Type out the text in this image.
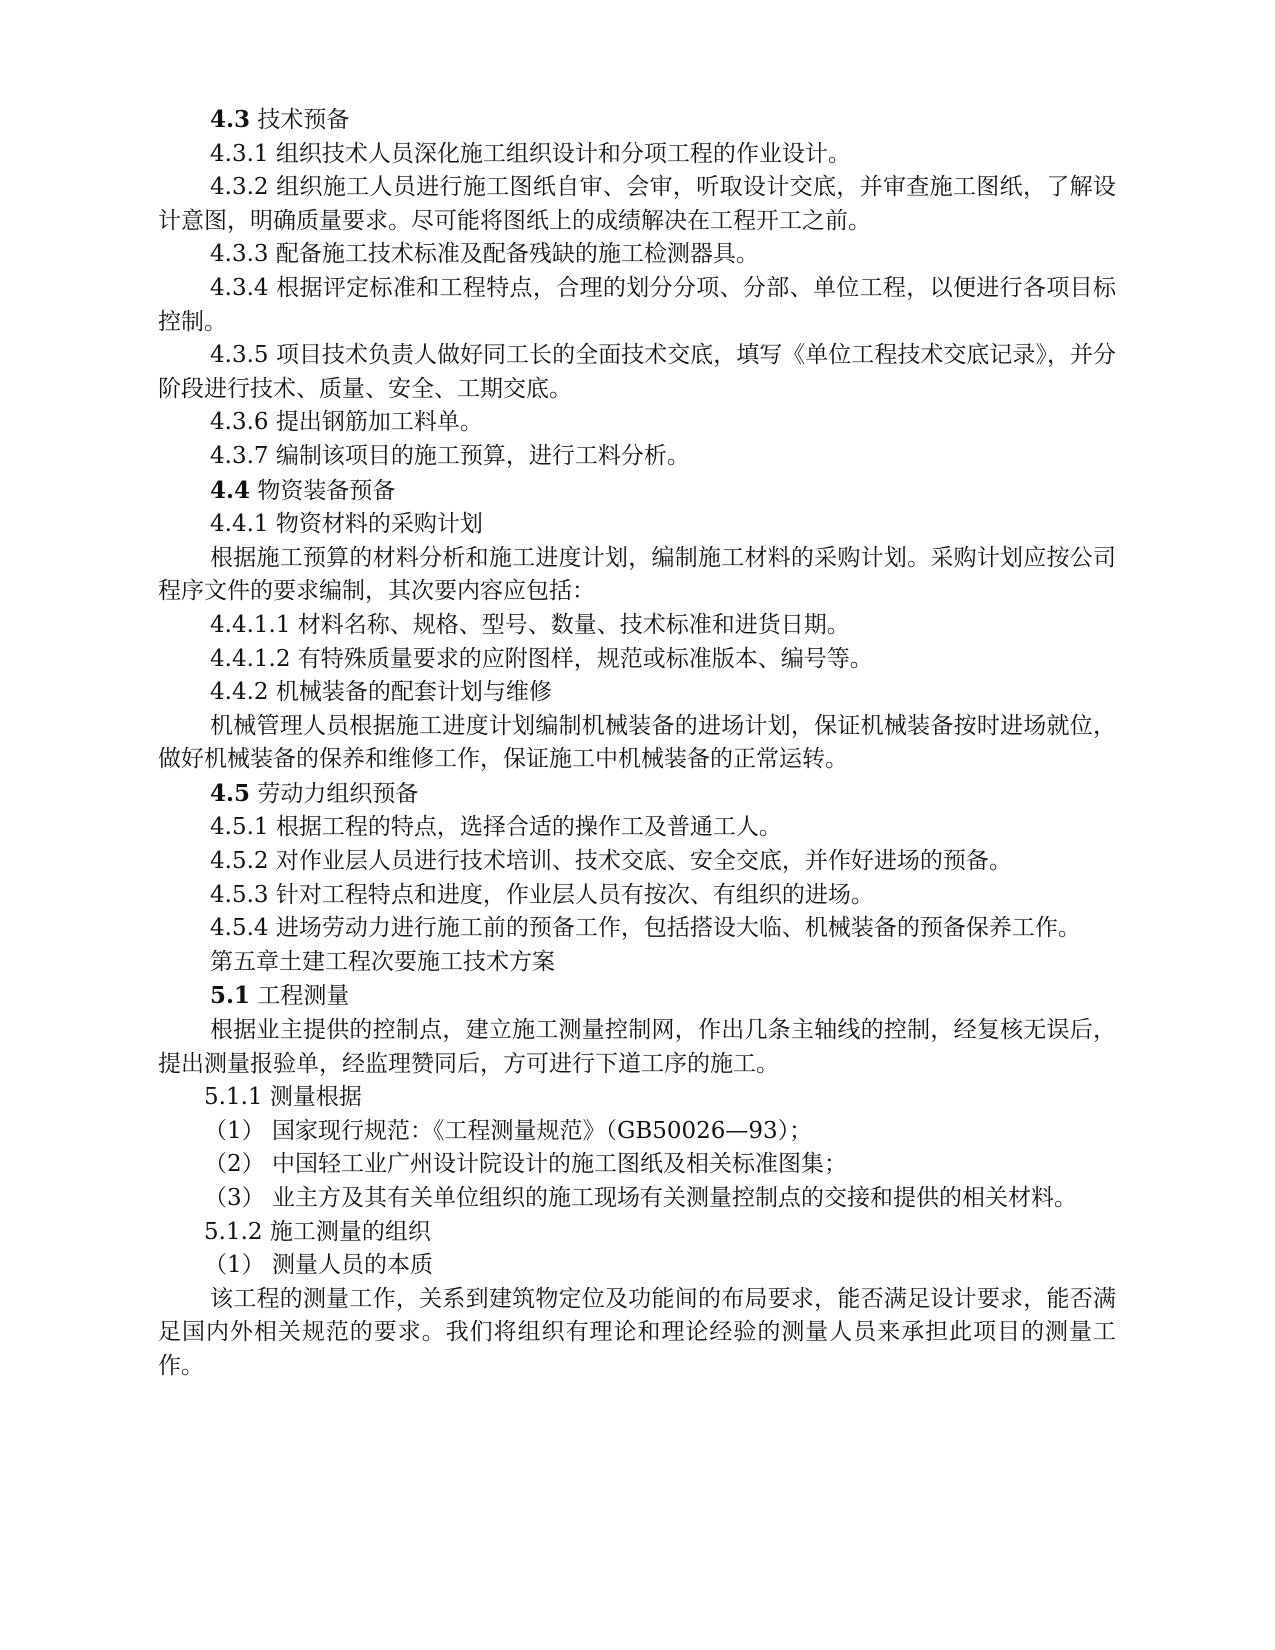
4.3 技术预备

4.3.1 组织技术人员深化施工组织设计和分项工程的作业设计。

4.3.2 组织施工人员进行施工图纸自审、会审，听取设计交底，并审查施工图纸，了解设计意图，明确质量要求。尽可能将图纸上的成绩解决在工程开工之前。

4.3.3 配备施工技术标准及配备残缺的施工检测器具。

4.3.4 根据评定标准和工程特点，合理的划分分项、分部、单位工程，以便进行各项目标控制。

4.3.5 项目技术负责人做好同工长的全面技术交底，填写《单位工程技术交底记录》，并分阶段进行技术、质量、安全、工期交底。

4.3.6 提出钢筋加工料单。

4.3.7 编制该项目的施工预算，进行工料分析。

4.4 物资装备预备

4.4.1 物资材料的采购计划

根据施工预算的材料分析和施工进度计划，编制施工材料的采购计划。采购计划应按公司程序文件的要求编制，其次要内容应包括：

4.4.1.1 材料名称、规格、型号、数量、技术标准和进货日期。

4.4.1.2 有特殊质量要求的应附图样，规范或标准版本、编号等。

4.4.2 机械装备的配套计划与维修

机械管理人员根据施工进度计划编制机械装备的进场计划，保证机械装备按时进场就位，做好机械装备的保养和维修工作，保证施工中机械装备的正常运转。

4.5 劳动力组织预备

4.5.1 根据工程的特点，选择合适的操作工及普通工人。

4.5.2 对作业层人员进行技术培训、技术交底、安全交底，并作好进场的预备。

4.5.3 针对工程特点和进度，作业层人员有按次、有组织的进场。

4.5.4 进场劳动力进行施工前的预备工作，包括搭设大临、机械装备的预备保养工作。

第五章土建工程次要施工技术方案

5.1 工程测量

根据业主提供的控制点，建立施工测量控制网，作出几条主轴线的控制，经复核无误后，提出测量报验单，经监理赞同后，方可进行下道工序的施工。

5.1.1 测量根据

（1） 国家现行规范：《工程测量规范》（GB50026—93）；

（2） 中国轻工业广州设计院设计的施工图纸及相关标准图集；

（3） 业主方及其有关单位组织的施工现场有关测量控制点的交接和提供的相关材料。

5.1.2 施工测量的组织

（1） 测量人员的本质

该工程的测量工作，关系到建筑物定位及功能间的布局要求，能否满足设计要求，能否满足国内外相关规范的要求。我们将组织有理论和理论经验的测量人员来承担此项目的测量工作。
